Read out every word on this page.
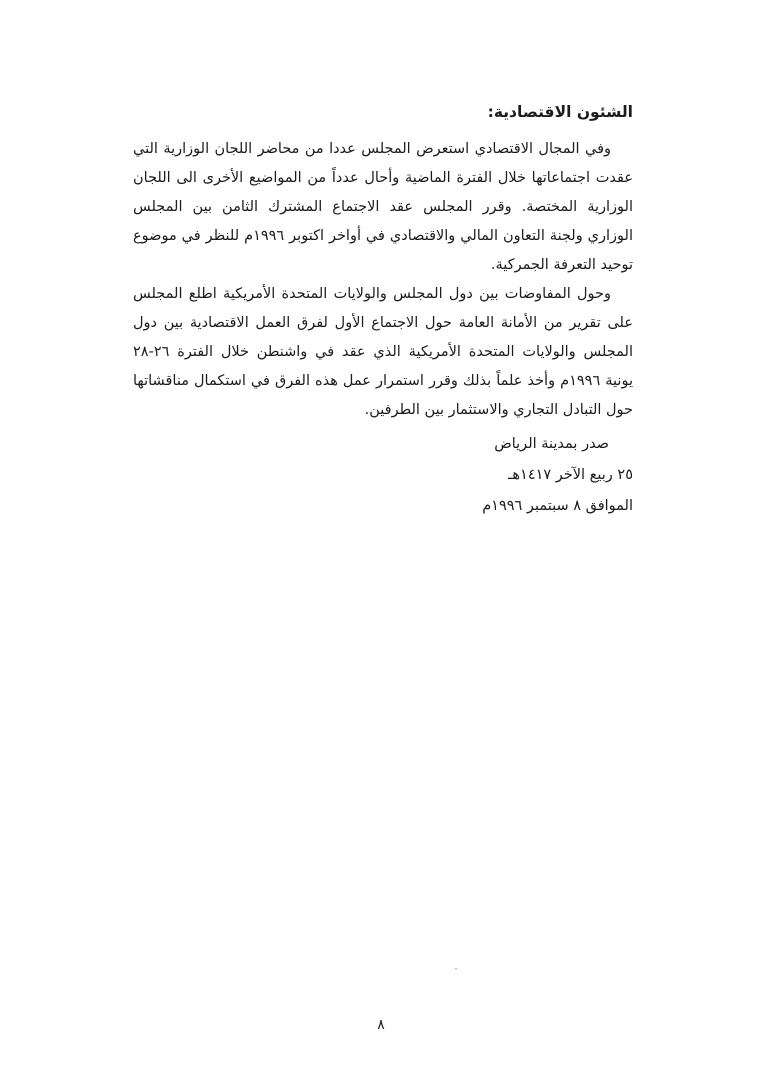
الشئون الاقتصادية:

وفي المجال الاقتصادي استعرض المجلس عددا من محاضر اللجان الوزارية التي عقدت اجتماعاتها خلال الفترة الماضية وأحال عدداً من المواضيع الأخرى الى اللجان الوزارية المختصة. وقرر المجلس عقد الاجتماع المشترك الثامن بين المجلس الوزاري ولجنة التعاون المالي والاقتصادي في أواخر اكتوبر ١٩٩٦م للنظر في موضوع توحيد التعرفة الجمركية.

وحول المفاوضات بين دول المجلس والولايات المتحدة الأمريكية اطلع المجلس على تقرير من الأمانة العامة حول الاجتماع الأول لفرق العمل الاقتصادية بين دول المجلس والولايات المتحدة الأمريكية الذي عقد في واشنطن خلال الفترة ٢٦-٢٨ يونية ١٩٩٦م وأخذ علماً بذلك وقرر استمرار عمل هذه الفرق في استكمال مناقشاتها حول التبادل التجاري والاستثمار بين الطرفين.

صدر بمدينة الرياض

٢٥ ربيع الآخر ١٤١٧هـ

الموافق ٨ سبتمبر ١٩٩٦م

٨
